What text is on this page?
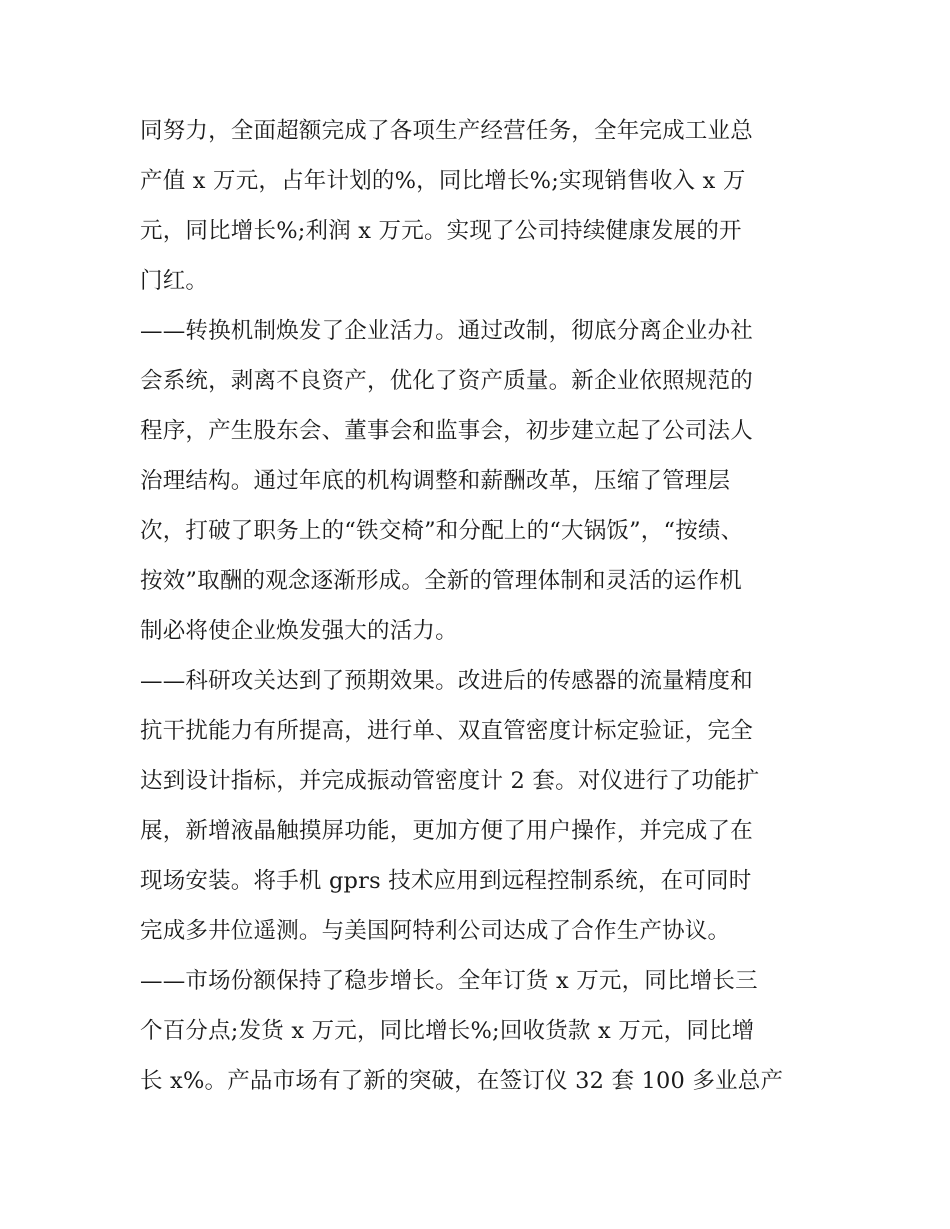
同努力，全面超额完成了各项生产经营任务，全年完成工业总
产值 x 万元，占年计划的%，同比增长%;实现销售收入 x 万
元，同比增长%;利润 x 万元。实现了公司持续健康发展的开
门红。
——转换机制焕发了企业活力。通过改制，彻底分离企业办社
会系统，剥离不良资产，优化了资产质量。新企业依照规范的
程序，产生股东会、董事会和监事会，初步建立起了公司法人
治理结构。通过年底的机构调整和薪酬改革，压缩了管理层
次，打破了职务上的“铁交椅”和分配上的“大锅饭”，“按绩、
按效”取酬的观念逐渐形成。全新的管理体制和灵活的运作机
制必将使企业焕发强大的活力。
——科研攻关达到了预期效果。改进后的传感器的流量精度和
抗干扰能力有所提高，进行单、双直管密度计标定验证，完全
达到设计指标，并完成振动管密度计 2 套。对仪进行了功能扩
展，新增液晶触摸屏功能，更加方便了用户操作，并完成了在
现场安装。将手机 gprs 技术应用到远程控制系统，在可同时
完成多井位遥测。与美国阿特利公司达成了合作生产协议。
——市场份额保持了稳步增长。全年订货 x 万元，同比增长三
个百分点;发货 x 万元，同比增长%;回收货款 x 万元，同比增
长 x%。产品市场有了新的突破，在签订仪 32 套 100 多业总产
